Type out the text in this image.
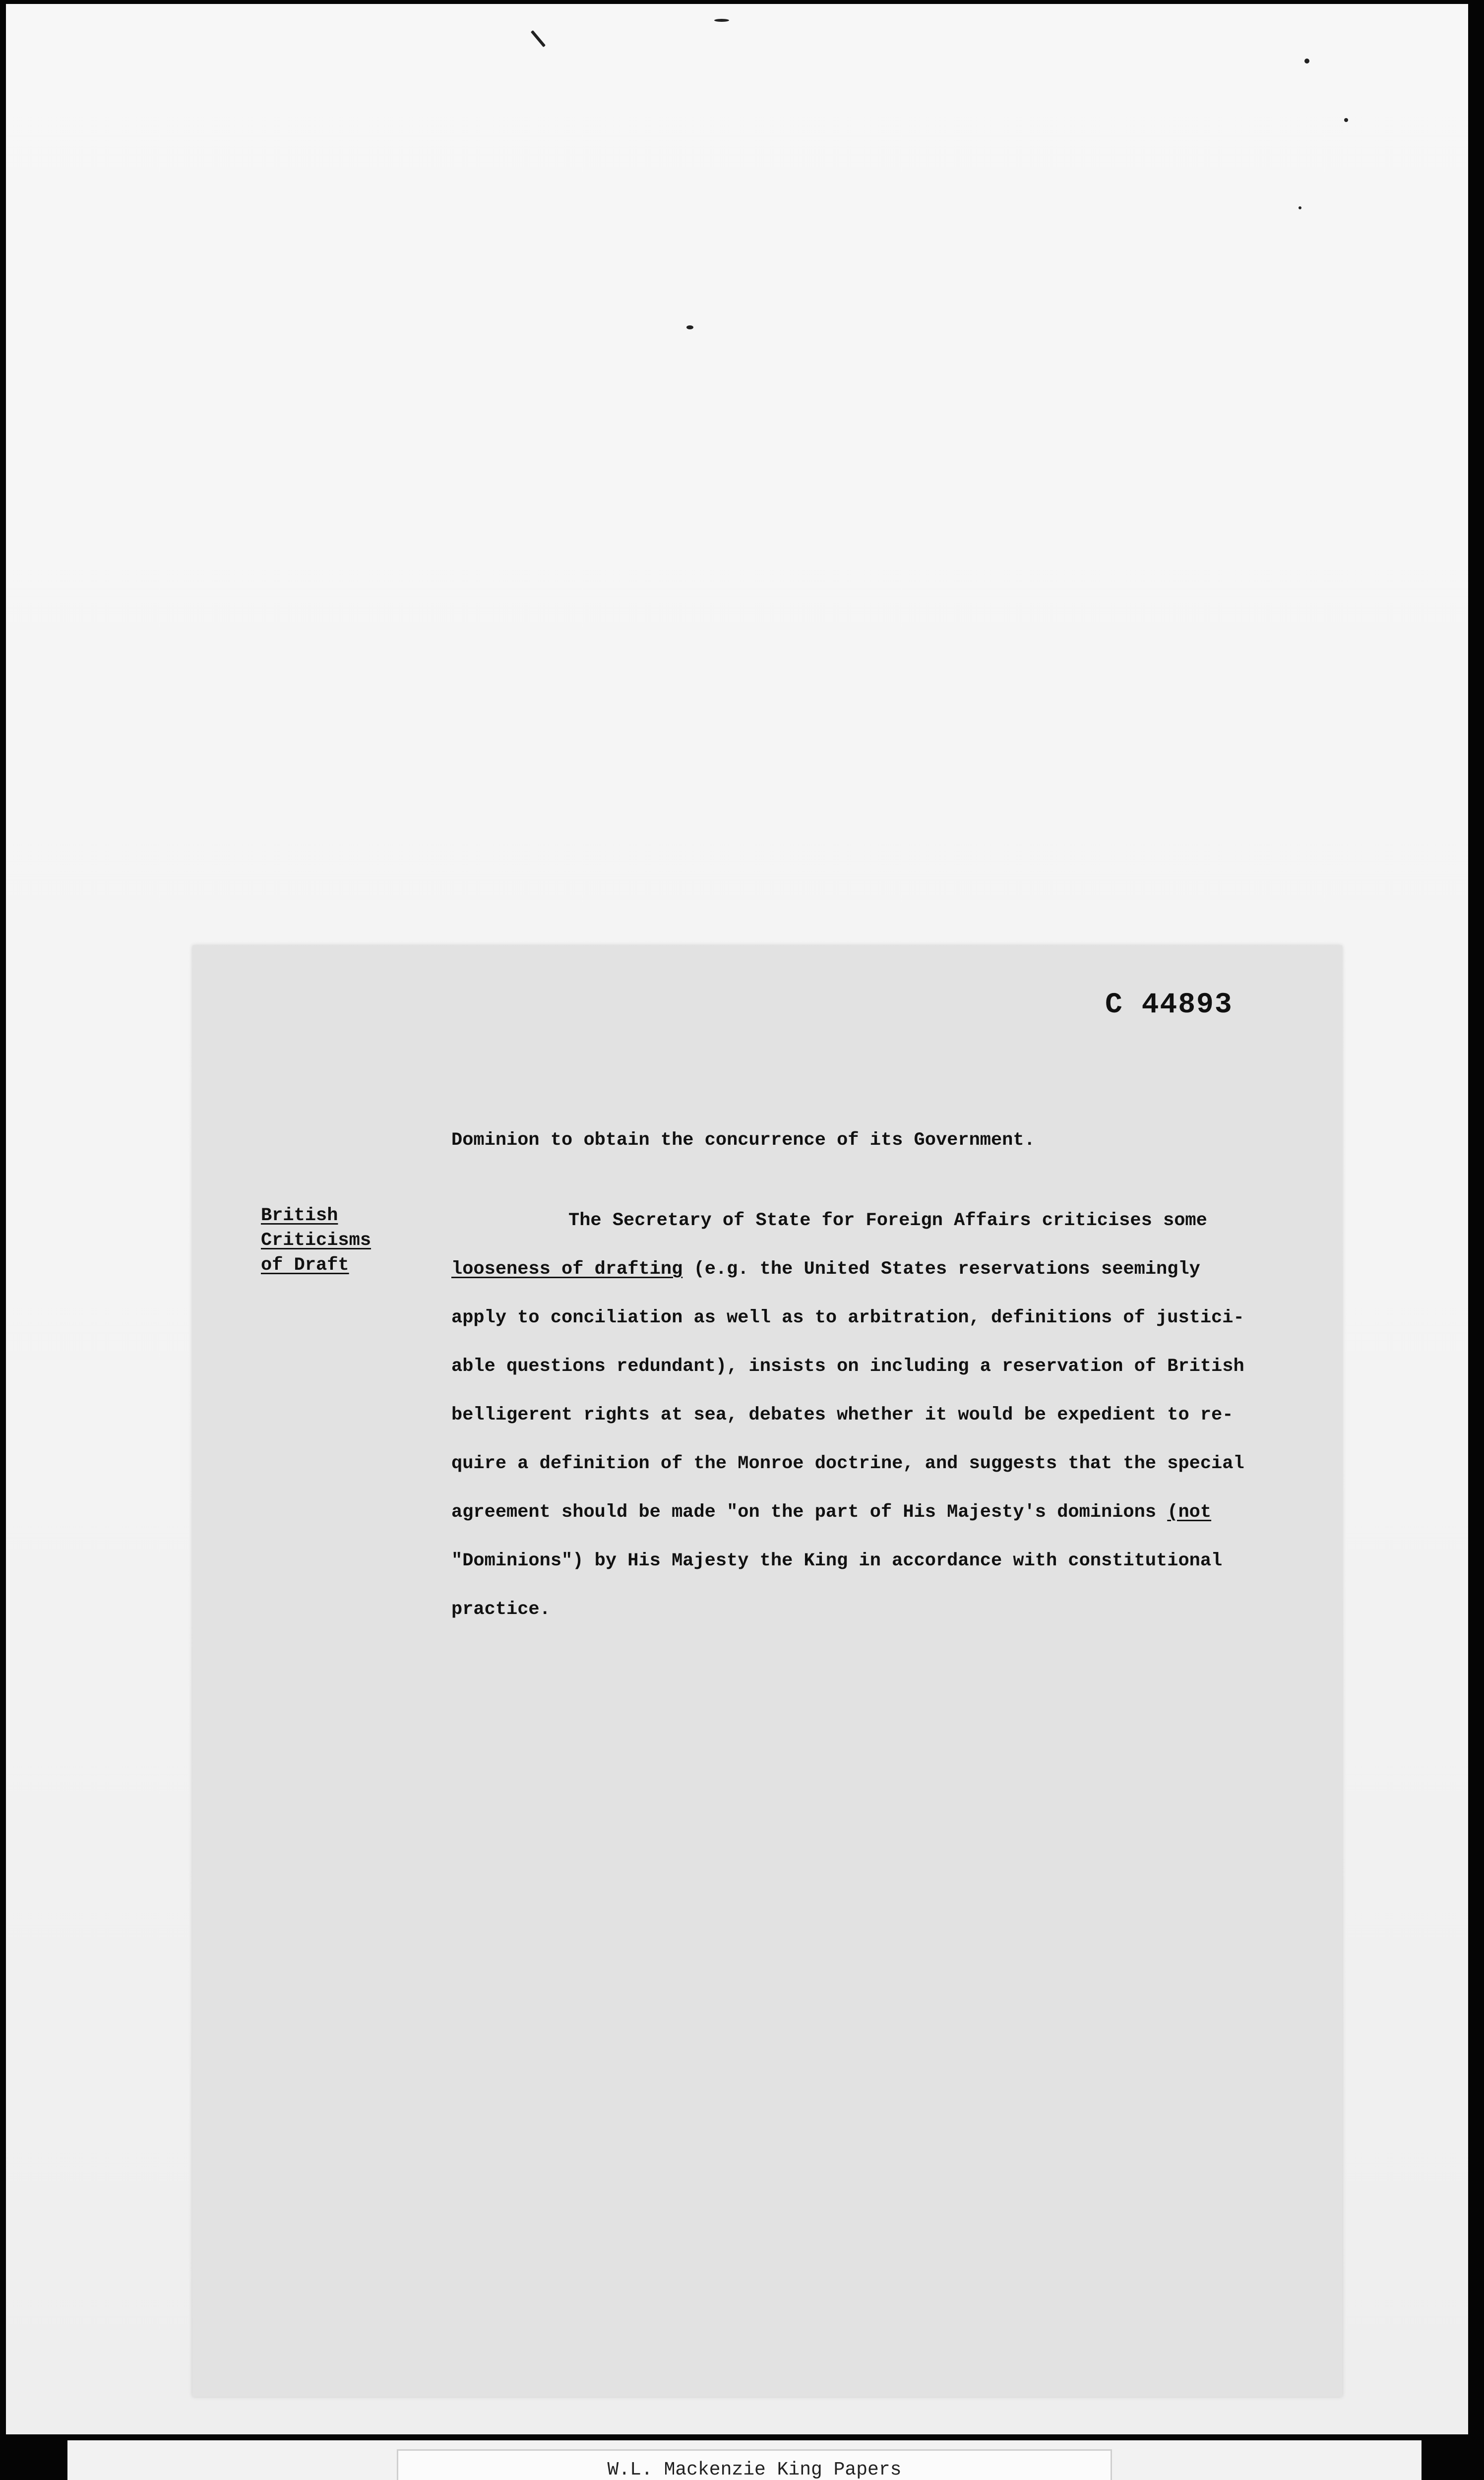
C 44893
British
Criticisms
of Draft
Dominion to obtain the concurrence of its Government.
The Secretary of State for Foreign Affairs criticises some
looseness of drafting (e.g. the United States reservations seemingly
apply to conciliation as well as to arbitration, definitions of justici-
able questions redundant), insists on including a reservation of British
belligerent rights at sea, debates whether it would be expedient to re-
quire a definition of the Monroe doctrine, and suggests that the special
agreement should be made "on the part of His Majesty's dominions (not
"Dominions") by His Majesty the King in accordance with constitutional
practice.
W.L. Mackenzie King Papers
